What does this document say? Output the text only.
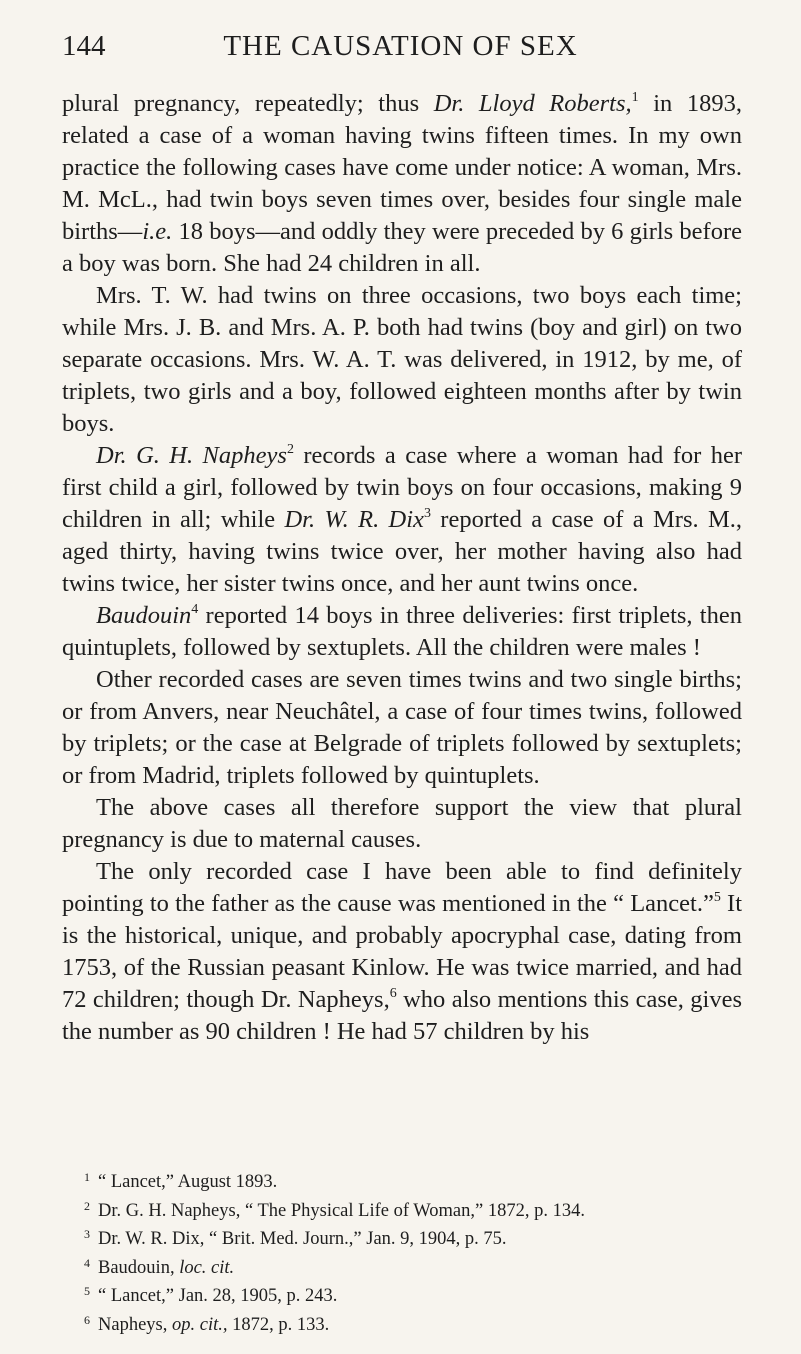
144	THE CAUSATION OF SEX

plural pregnancy, repeatedly; thus Dr. Lloyd Roberts,$^1$ in 1893, related a case of a woman having twins fifteen times. In my own practice the following cases have come under notice: A woman, Mrs. M. McL., had twin boys seven times over, besides four single male births—i.e. 18 boys—and oddly they were preceded by 6 girls before a boy was born. She had 24 children in all.

Mrs. T. W. had twins on three occasions, two boys each time; while Mrs. J. B. and Mrs. A. P. both had twins (boy and girl) on two separate occasions. Mrs. W. A. T. was delivered, in 1912, by me, of triplets, two girls and a boy, followed eighteen months after by twin boys.

Dr. G. H. Napheys$^2$ records a case where a woman had for her first child a girl, followed by twin boys on four occasions, making 9 children in all; while Dr. W. R. Dix$^3$ reported a case of a Mrs. M., aged thirty, having twins twice over, her mother having also had twins twice, her sister twins once, and her aunt twins once.

Baudouin$^4$ reported 14 boys in three deliveries: first triplets, then quintuplets, followed by sextuplets. All the children were males !

Other recorded cases are seven times twins and two single births; or from Anvers, near Neuchâtel, a case of four times twins, followed by triplets; or the case at Belgrade of triplets followed by sextuplets; or from Madrid, triplets followed by quintuplets.

The above cases all therefore support the view that plural pregnancy is due to maternal causes.

The only recorded case I have been able to find definitely pointing to the father as the cause was mentioned in the “ Lancet.”$^5$ It is the historical, unique, and probably apocryphal case, dating from 1753, of the Russian peasant Kinlow. He was twice married, and had 72 children; though Dr. Napheys,$^6$ who also mentions this case, gives the number as 90 children ! He had 57 children by his

1 “ Lancet,” August 1893.
2 Dr. G. H. Napheys, “ The Physical Life of Woman,” 1872, p. 134.
3 Dr. W. R. Dix, “ Brit. Med. Journ.,” Jan. 9, 1904, p. 75.
4 Baudouin, loc. cit.
5 “ Lancet,” Jan. 28, 1905, p. 243.
6 Napheys, op. cit., 1872, p. 133.
